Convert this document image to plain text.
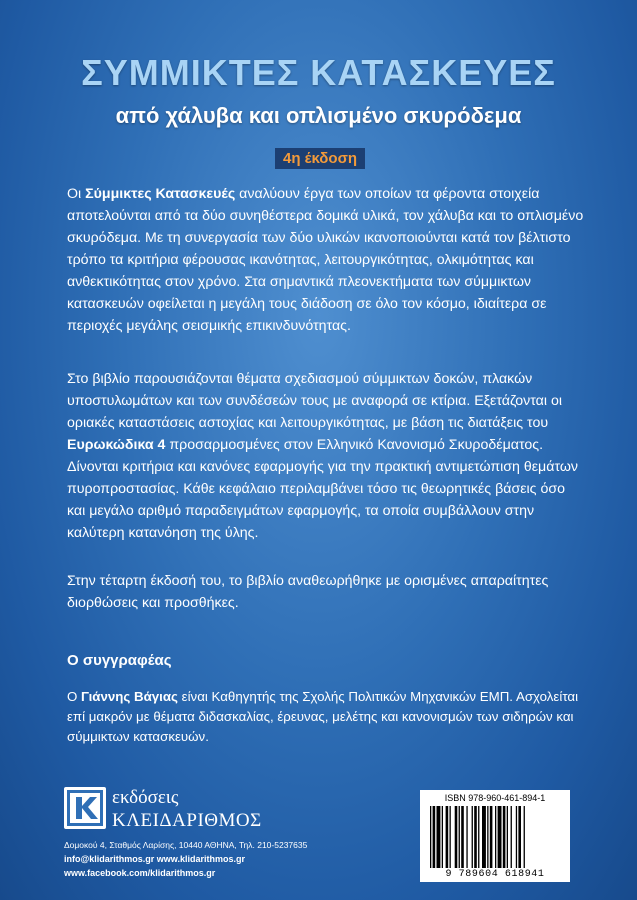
ΣΥΜΜΙΚΤΕΣ ΚΑΤΑΣΚΕΥΕΣ
από χάλυβα και οπλισμένο σκυρόδεμα
4η έκδοση
Οι Σύμμικτες Κατασκευές αναλύουν έργα των οποίων τα φέροντα στοιχεία αποτελούνται από τα δύο συνηθέστερα δομικά υλικά, τον χάλυβα και το οπλισμένο σκυρόδεμα. Με τη συνεργασία των δύο υλικών ικανοποιούνται κατά τον βέλτιστο τρόπο τα κριτήρια φέρουσας ικανότητας, λειτουργικότητας, ολκιμότητας και ανθεκτικότητας στον χρόνο. Στα σημαντικά πλεονεκτήματα των σύμμικτων κατασκευών οφείλεται η μεγάλη τους διάδοση σε όλο τον κόσμο, ιδιαίτερα σε περιοχές μεγάλης σεισμικής επικινδυνότητας.
Στο βιβλίο παρουσιάζονται θέματα σχεδιασμού σύμμικτων δοκών, πλακών υποστυλωμάτων και των συνδέσεών τους με αναφορά σε κτίρια. Εξετάζονται οι οριακές καταστάσεις αστοχίας και λειτουργικότητας, με βάση τις διατάξεις του Ευρωκώδικα 4 προσαρμοσμένες στον Ελληνικό Κανονισμό Σκυροδέματος. Δίνονται κριτήρια και κανόνες εφαρμογής για την πρακτική αντιμετώπιση θεμάτων πυροπροστασίας. Κάθε κεφάλαιο περιλαμβάνει τόσο τις θεωρητικές βάσεις όσο και μεγάλο αριθμό παραδειγμάτων εφαρμογής, τα οποία συμβάλλουν στην καλύτερη κατανόηση της ύλης.
Στην τέταρτη έκδοσή του, το βιβλίο αναθεωρήθηκε με ορισμένες απαραίτητες διορθώσεις και προσθήκες.
Ο συγγραφέας
Ο Γιάννης Βάγιας είναι Καθηγητής της Σχολής Πολιτικών Μηχανικών ΕΜΠ. Ασχολείται επί μακρόν με θέματα διδασκαλίας, έρευνας, μελέτης και κανονισμών των σιδηρών και σύμμικτων κατασκευών.
εκδόσεις
ΚΛΕΙΔΑΡΙΘΜΟΣ
Δομοκού 4, Σταθμός Λαρίσης, 10440 ΑΘΗΝΑ, Τηλ. 210-5237635
info@klidarithmos.gr www.klidarithmos.gr
www.facebook.com/klidarithmos.gr
ISBN 978-960-461-894-1
9 789604 618941
